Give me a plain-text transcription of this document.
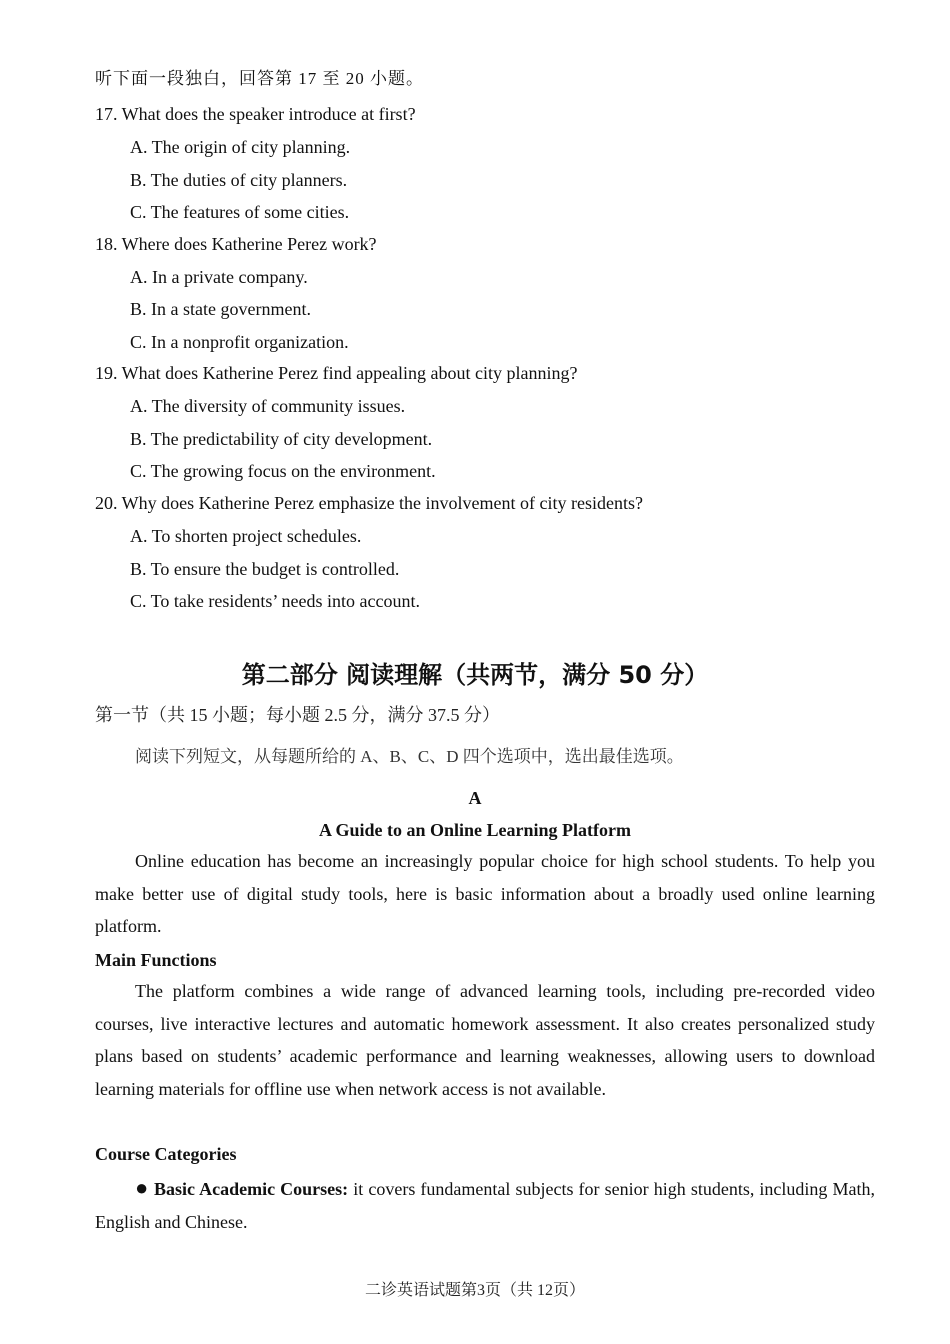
听下面一段独白，回答第 17 至 20 小题。
17. What does the speaker introduce at first?
A. The origin of city planning.
B. The duties of city planners.
C. The features of some cities.
18. Where does Katherine Perez work?
A. In a private company.
B. In a state government.
C. In a nonprofit organization.
19. What does Katherine Perez find appealing about city planning?
A. The diversity of community issues.
B. The predictability of city development.
C. The growing focus on the environment.
20. Why does Katherine Perez emphasize the involvement of city residents?
A. To shorten project schedules.
B. To ensure the budget is controlled.
C. To take residents’ needs into account.
第二部分 阅读理解（共两节，满分 50 分）
第一节（共 15 小题；每小题 2.5 分，满分 37.5 分）
阅读下列短文，从每题所给的 A、B、C、D 四个选项中，选出最佳选项。
A
A Guide to an Online Learning Platform

Online education has become an increasingly popular choice for high school students. To help you make better use of digital study tools, here is basic information about a broadly used online learning platform.

Main Functions

The platform combines a wide range of advanced learning tools, including pre-recorded video courses, live interactive lectures and automatic homework assessment. It also creates personalized study plans based on students’ academic performance and learning weaknesses, allowing users to download learning materials for offline use when network access is not available.

Course Categories

● Basic Academic Courses: it covers fundamental subjects for senior high students, including Math, English and Chinese.

二诊英语试题第3页（共 12页）
